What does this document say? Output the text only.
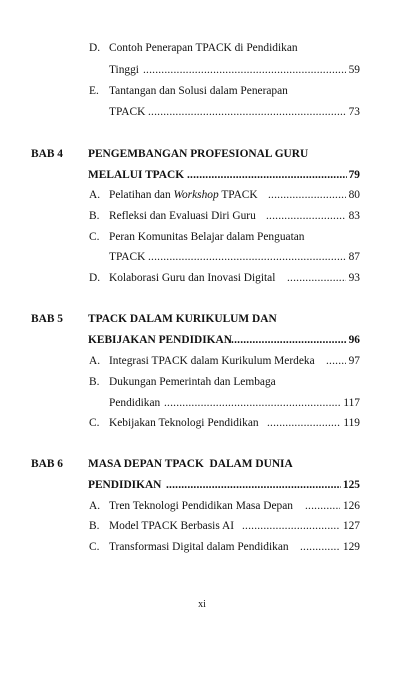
D. Contoh Penerapan TPACK di Pendidikan
Tinggi .....	59
E. Tantangan dan Solusi dalam Penerapan
TPACK .....	73
BAB 4 PENGEMBANGAN PROFESIONAL GURU
MELALUI TPACK .....	79
A. Pelatihan dan Workshop TPACK .....	80
B. Refleksi dan Evaluasi Diri Guru .....	83
C. Peran Komunitas Belajar dalam Penguatan
TPACK .....	87
D. Kolaborasi Guru dan Inovasi Digital .....	93
BAB 5 TPACK DALAM KURIKULUM DAN
KEBIJAKAN PENDIDIKAN .....	96
A. Integrasi TPACK dalam Kurikulum Merdeka .....	97
B. Dukungan Pemerintah dan Lembaga
Pendidikan .....	117
C. Kebijakan Teknologi Pendidikan .....	119
BAB 6 MASA DEPAN TPACK  DALAM DUNIA
PENDIDIKAN .....	125
A. Tren Teknologi Pendidikan Masa Depan .....	126
B. Model TPACK Berbasis AI .....	127
C. Transformasi Digital dalam Pendidikan .....	129
xi
